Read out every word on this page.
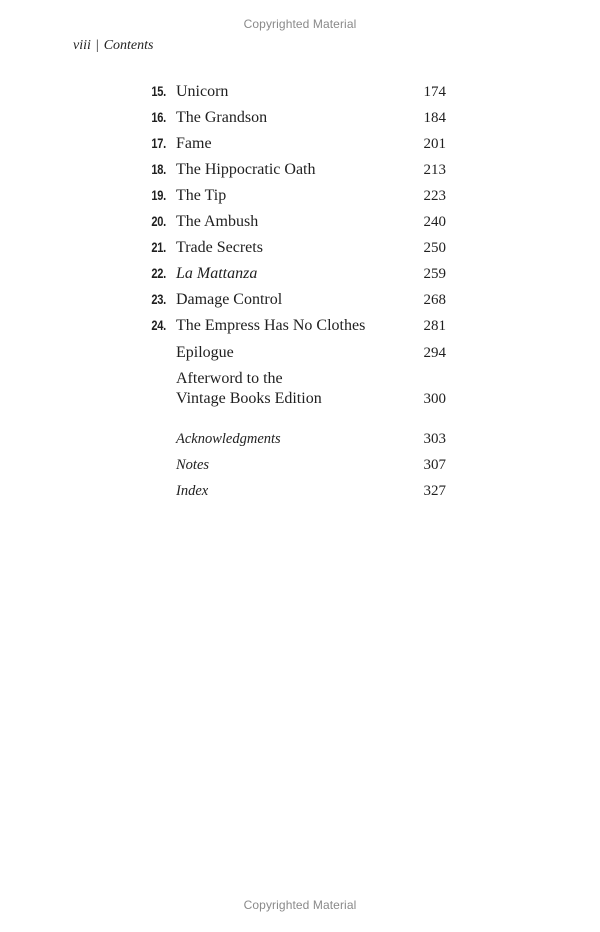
Copyrighted Material
viii | Contents
15. Unicorn	174
16. The Grandson	184
17. Fame	201
18. The Hippocratic Oath	213
19. The Tip	223
20. The Ambush	240
21. Trade Secrets	250
22. La Mattanza	259
23. Damage Control	268
24. The Empress Has No Clothes	281
Epilogue	294
Afterword to the
Vintage Books Edition	300
Acknowledgments	303
Notes	307
Index	327
Copyrighted Material
